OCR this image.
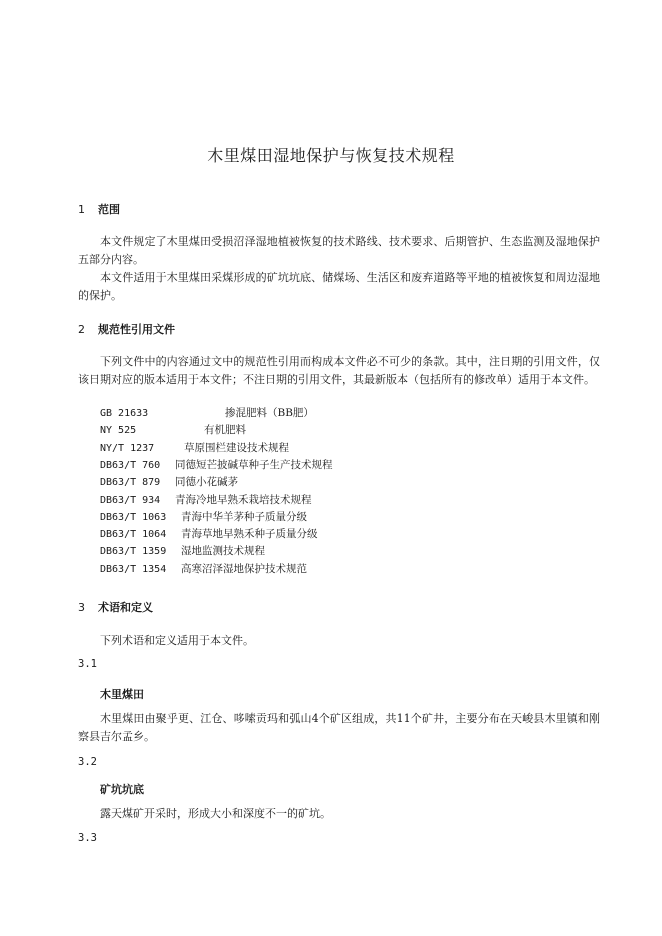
木里煤田湿地保护与恢复技术规程
1 范围
本文件规定了木里煤田受损沼泽湿地植被恢复的技术路线、技术要求、后期管护、生态监测及湿地保护五部分内容。
本文件适用于木里煤田采煤形成的矿坑坑底、储煤场、生活区和废弃道路等平地的植被恢复和周边湿地的保护。
2 规范性引用文件
下列文件中的内容通过文中的规范性引用而构成本文件必不可少的条款。其中，注日期的引用文件，仅该日期对应的版本适用于本文件；不注日期的引用文件，其最新版本（包括所有的修改单）适用于本文件。
GB 21633	掺混肥料（BB肥）
NY 525	有机肥料
NY/T 1237	草原围栏建设技术规程
DB63/T 760 同德短芒披碱草种子生产技术规程
DB63/T 879 同德小花碱茅
DB63/T 934 青海冷地早熟禾栽培技术规程
DB63/T 1063 青海中华羊茅种子质量分级
DB63/T 1064 青海草地早熟禾种子质量分级
DB63/T 1359 湿地监测技术规程
DB63/T 1354 高寒沼泽湿地保护技术规范
3 术语和定义
下列术语和定义适用于本文件。
3.1
木里煤田
木里煤田由聚乎更、江仓、哆嗦贡玛和弧山4个矿区组成，共11个矿井，主要分布在天峻县木里镇和刚察县吉尔孟乡。
3.2
矿坑坑底
露天煤矿开采时，形成大小和深度不一的矿坑。
3.3
